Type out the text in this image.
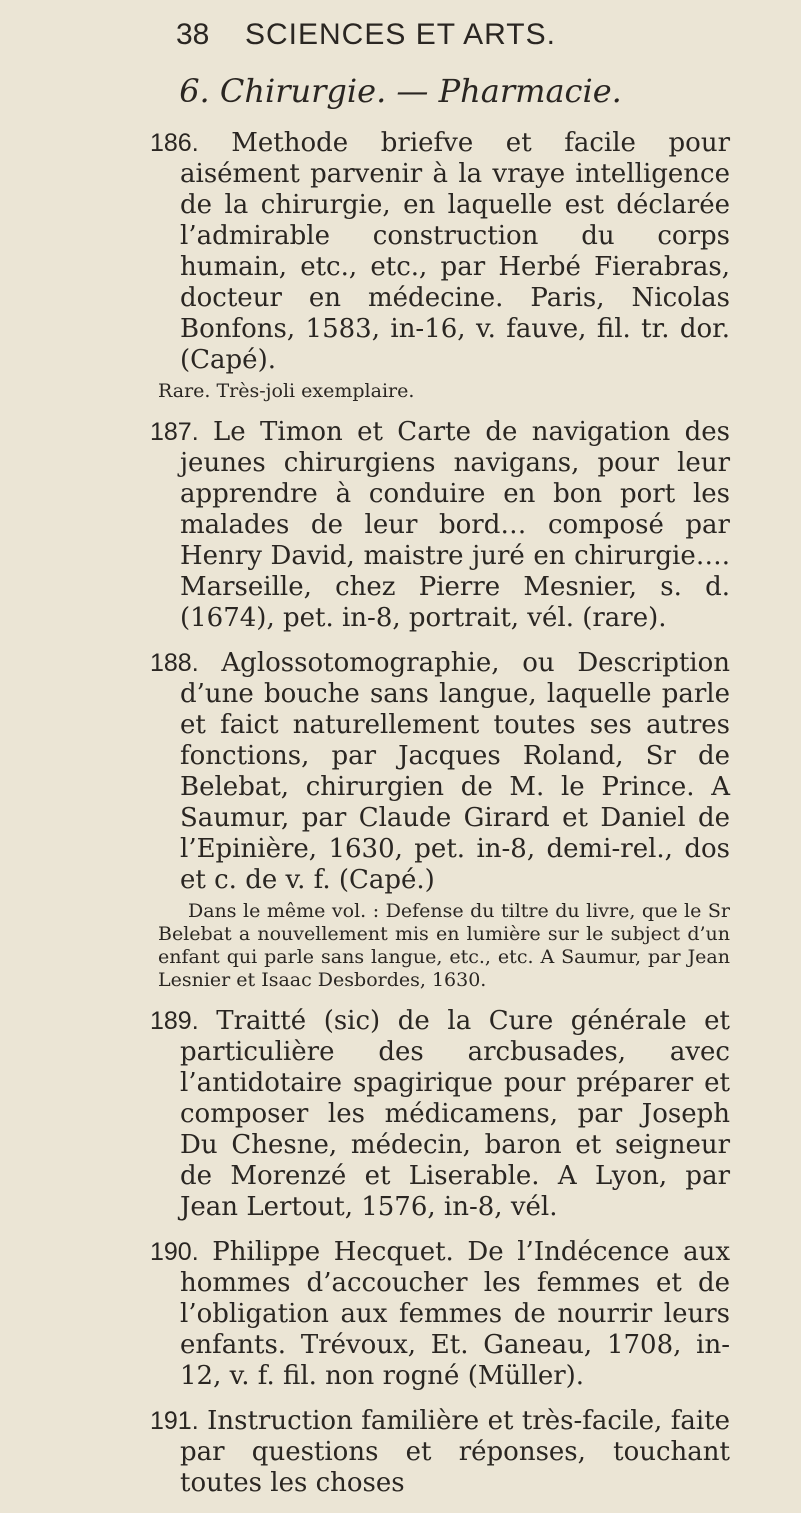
38	SCIENCES ET ARTS.
6. Chirurgie. — Pharmacie.
186. Methode briefve et facile pour aisément parvenir à la vraye intelligence de la chirurgie, en laquelle est déclarée l’admirable construction du corps humain, etc., etc., par Herbé Fierabras, docteur en médecine. Paris, Nicolas Bonfons, 1583, in-16, v. fauve, fil. tr. dor. (Capé).
Rare. Très-joli exemplaire.
187. Le Timon et Carte de navigation des jeunes chirurgiens navigans, pour leur apprendre à conduire en bon port les malades de leur bord… composé par Henry David, maistre juré en chirurgie…. Marseille, chez Pierre Mesnier, s. d. (1674), pet. in-8, portrait, vél. (rare).
188. Aglossotomographie, ou Description d’une bouche sans langue, laquelle parle et faict naturellement toutes ses autres fonctions, par Jacques Roland, Sr de Belebat, chirurgien de M. le Prince. A Saumur, par Claude Girard et Daniel de l’Epinière, 1630, pet. in-8, demi-rel., dos et c. de v. f. (Capé.)
Dans le même vol. : Defense du tiltre du livre, que le Sr Belebat a nouvellement mis en lumière sur le subject d’un enfant qui parle sans langue, etc., etc. A Saumur, par Jean Lesnier et Isaac Desbordes, 1630.
189. Traitté (sic) de la Cure générale et particulière des arcbusades, avec l’antidotaire spagirique pour préparer et composer les médicamens, par Joseph Du Chesne, médecin, baron et seigneur de Morenzé et Liserable. A Lyon, par Jean Lertout, 1576, in-8, vél.
190. Philippe Hecquet. De l’Indécence aux hommes d’accoucher les femmes et de l’obligation aux femmes de nourrir leurs enfants. Trévoux, Et. Ganeau, 1708, in-12, v. f. fil. non rogné (Müller).
191. Instruction familière et très-facile, faite par questions et réponses, touchant toutes les choses
